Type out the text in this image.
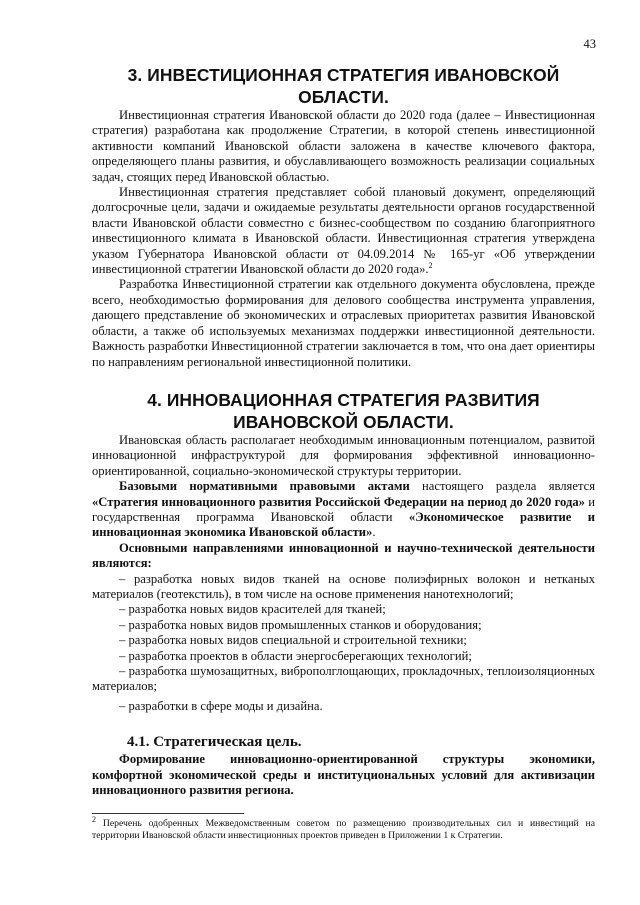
43
3. ИНВЕСТИЦИОННАЯ СТРАТЕГИЯ ИВАНОВСКОЙ
ОБЛАСТИ.

Инвестиционная стратегия Ивановской области до 2020 года (далее – Инвестиционная стратегия) разработана как продолжение Стратегии, в которой степень инвестиционной активности компаний Ивановской области заложена в качестве ключевого фактора, определяющего планы развития, и обуславливающего возможность реализации социальных задач, стоящих перед Ивановской областью.

Инвестиционная стратегия представляет собой плановый документ, определяющий долгосрочные цели, задачи и ожидаемые результаты деятельности органов государственной власти Ивановской области совместно с бизнес-сообществом по созданию благоприятного инвестиционного климата в Ивановской области. Инвестиционная стратегия утверждена указом Губернатора Ивановской области от 04.09.2014 № 165-уг «Об утверждении инвестиционной стратегии Ивановской области до 2020 года».$^2$

Разработка Инвестиционной стратегии как отдельного документа обусловлена, прежде всего, необходимостью формирования для делового сообщества инструмента управления, дающего представление об экономических и отраслевых приоритетах развития Ивановской области, а также об используемых механизмах поддержки инвестиционной деятельности. Важность разработки Инвестиционной стратегии заключается в том, что она дает ориентиры по направлениям региональной инвестиционной политики.

4. ИННОВАЦИОННАЯ СТРАТЕГИЯ РАЗВИТИЯ
ИВАНОВСКОЙ ОБЛАСТИ.

Ивановская область располагает необходимым инновационным потенциалом, развитой инновационной инфраструктурой для формирования эффективной инновационно-ориентированной, социально-экономической структуры территории.

Базовыми нормативными правовыми актами настоящего раздела является «Стратегия инновационного развития Российской Федерации на период до 2020 года» и государственная программа Ивановской области «Экономическое развитие и инновационная экономика Ивановской области».

Основными направлениями инновационной и научно-технической деятельности являются:

– разработка новых видов тканей на основе полиэфирных волокон и нетканых материалов (геотекстиль), в том числе на основе применения нанотехнологий;

– разработка новых видов красителей для тканей;

– разработка новых видов промышленных станков и оборудования;

– разработка новых видов специальной и строительной техники;

– разработка проектов в области энергосберегающих технологий;

– разработка шумозащитных, виброполглощающих, прокладочных, теплоизоляционных материалов;

– разработки в сфере моды и дизайна.

4.1. Стратегическая цель.

Формирование инновационно-ориентированной структуры экономики, комфортной экономической среды и институциональных условий для активизации инновационного развития региона.

$^2$ Перечень одобренных Межведомственным советом по размещению производительных сил и инвестиций на территории Ивановской области инвестиционных проектов приведен в Приложении 1 к Стратегии.
